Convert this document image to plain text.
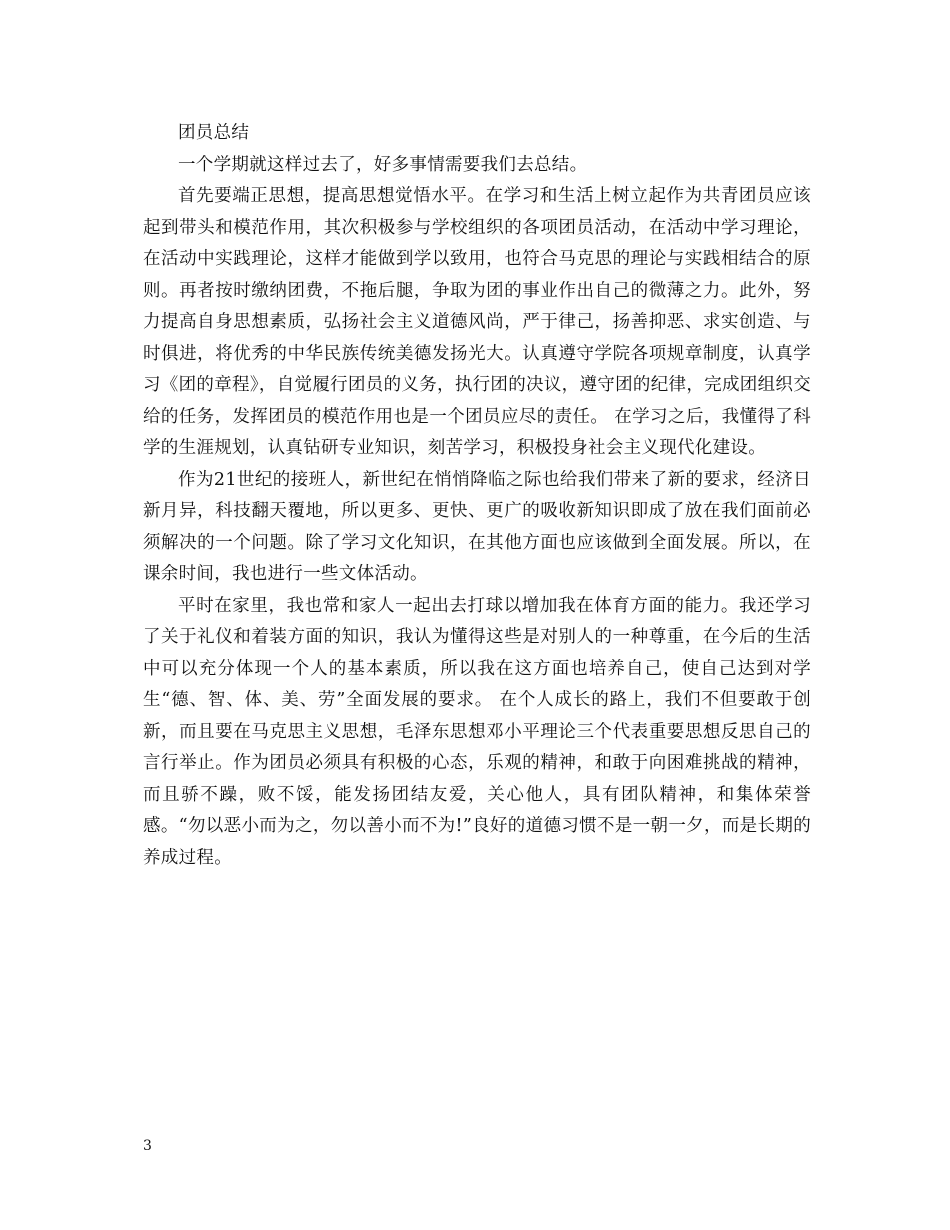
团员总结

一个学期就这样过去了，好多事情需要我们去总结。

首先要端正思想，提高思想觉悟水平。在学习和生活上树立起作为共青团员应该起到带头和模范作用，其次积极参与学校组织的各项团员活动，在活动中学习理论，在活动中实践理论，这样才能做到学以致用，也符合马克思的理论与实践相结合的原则。再者按时缴纳团费，不拖后腿，争取为团的事业作出自己的微薄之力。此外，努力提高自身思想素质，弘扬社会主义道德风尚，严于律己，扬善抑恶、求实创造、与时俱进，将优秀的中华民族传统美德发扬光大。认真遵守学院各项规章制度，认真学习《团的章程》，自觉履行团员的义务，执行团的决议，遵守团的纪律，完成团组织交给的任务，发挥团员的模范作用也是一个团员应尽的责任。 在学习之后，我懂得了科学的生涯规划，认真钻研专业知识，刻苦学习，积极投身社会主义现代化建设。

作为21世纪的接班人，新世纪在悄悄降临之际也给我们带来了新的要求，经济日新月异，科技翻天覆地，所以更多、更快、更广的吸收新知识即成了放在我们面前必须解决的一个问题。除了学习文化知识，在其他方面也应该做到全面发展。所以，在课余时间，我也进行一些文体活动。

平时在家里，我也常和家人一起出去打球以增加我在体育方面的能力。我还学习了关于礼仪和着装方面的知识，我认为懂得这些是对别人的一种尊重，在今后的生活中可以充分体现一个人的基本素质，所以我在这方面也培养自己，使自己达到对学生“德、智、体、美、劳”全面发展的要求。 在个人成长的路上，我们不但要敢于创新，而且要在马克思主义思想，毛泽东思想邓小平理论三个代表重要思想反思自己的言行举止。作为团员必须具有积极的心态，乐观的精神，和敢于向困难挑战的精神，而且骄不躁，败不馁，能发扬团结友爱，关心他人，具有团队精神，和集体荣誉感。“勿以恶小而为之，勿以善小而不为!”良好的道德习惯不是一朝一夕，而是长期的养成过程。

3
